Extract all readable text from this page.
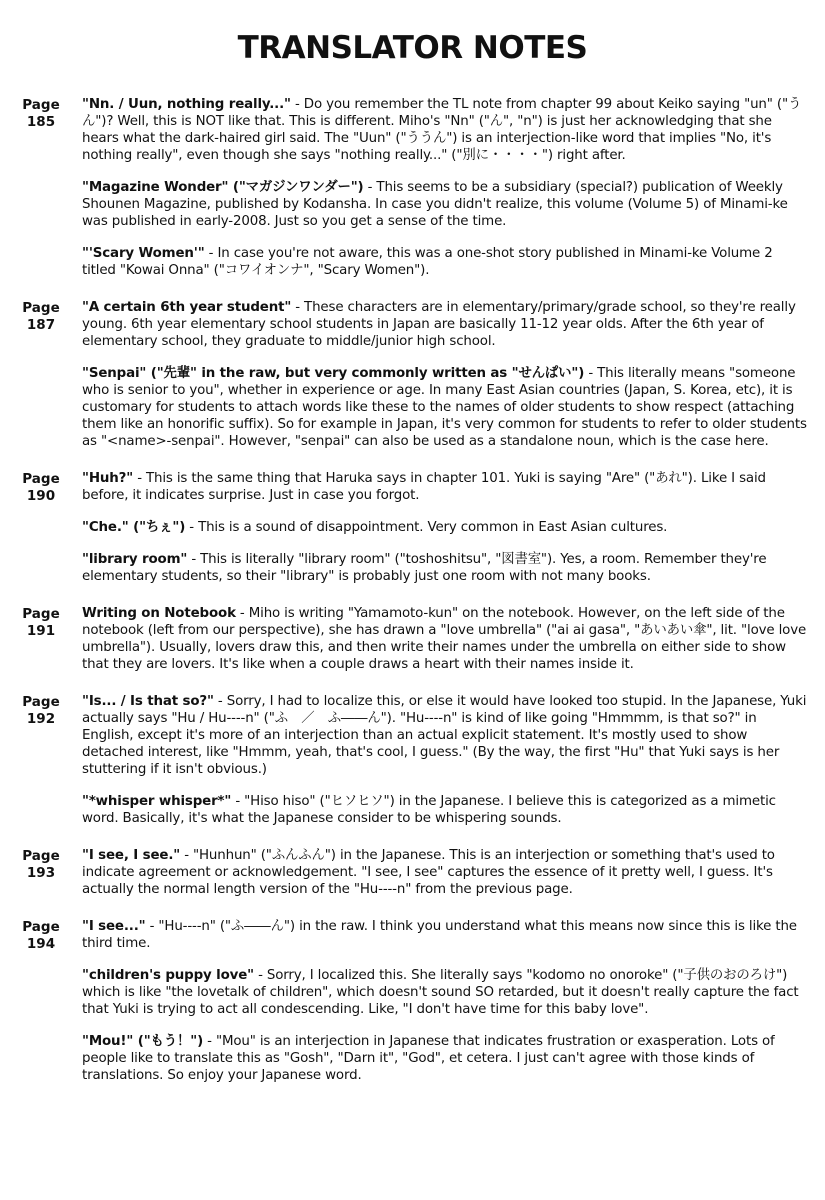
TRANSLATOR NOTES
Page
185

"Nn. / Uun, nothing really..." - Do you remember the TL note from chapter 99 about Keiko saying "un" ("うん")? Well, this is NOT like that. This is different. Miho's "Nn" ("ん", "n") is just her acknowledging that she hears what the dark-haired girl said. The "Uun" ("ううん") is an interjection-like word that implies "No, it's nothing really", even though she says "nothing really..." ("別に・・・・") right after.

"Magazine Wonder" ("マガジンワンダー") - This seems to be a subsidiary (special?) publication of Weekly Shounen Magazine, published by Kodansha. In case you didn't realize, this volume (Volume 5) of Minami-ke was published in early-2008. Just so you get a sense of the time.

"'Scary Women'" - In case you're not aware, this was a one-shot story published in Minami-ke Volume 2 titled "Kowai Onna" ("コワイオンナ", "Scary Women").

Page
187

"A certain 6th year student" - These characters are in elementary/primary/grade school, so they're really young. 6th year elementary school students in Japan are basically 11-12 year olds. After the 6th year of elementary school, they graduate to middle/junior high school.

"Senpai" ("先輩" in the raw, but very commonly written as "せんぱい") - This literally means "someone who is senior to you", whether in experience or age. In many East Asian countries (Japan, S. Korea, etc), it is customary for students to attach words like these to the names of older students to show respect (attaching them like an honorific suffix). So for example in Japan, it's very common for students to refer to older students as "<name>-senpai". However, "senpai" can also be used as a standalone noun, which is the case here.

Page
190

"Huh?" - This is the same thing that Haruka says in chapter 101. Yuki is saying "Are" ("あれ"). Like I said before, it indicates surprise. Just in case you forgot.

"Che." ("ちぇ") - This is a sound of disappointment. Very common in East Asian cultures.

"library room" - This is literally "library room" ("toshoshitsu", "図書室"). Yes, a room. Remember they're elementary students, so their "library" is probably just one room with not many books.

Page
191

Writing on Notebook - Miho is writing "Yamamoto-kun" on the notebook. However, on the left side of the notebook (left from our perspective), she has drawn a "love umbrella" ("ai ai gasa", "あいあい傘", lit. "love love umbrella"). Usually, lovers draw this, and then write their names under the umbrella on either side to show that they are lovers. It's like when a couple draws a heart with their names inside it.

Page
192

"Is... / Is that so?" - Sorry, I had to localize this, or else it would have looked too stupid. In the Japanese, Yuki actually says "Hu / Hu----n" ("ふ　／　ふ――ん"). "Hu----n" is kind of like going "Hmmmm, is that so?" in English, except it's more of an interjection than an actual explicit statement. It's mostly used to show detached interest, like "Hmmm, yeah, that's cool, I guess." (By the way, the first "Hu" that Yuki says is her stuttering if it isn't obvious.)

"*whisper whisper*" - "Hiso hiso" ("ヒソヒソ") in the Japanese. I believe this is categorized as a mimetic word. Basically, it's what the Japanese consider to be whispering sounds.

Page
193

"I see, I see." - "Hunhun" ("ふんふん") in the Japanese. This is an interjection or something that's used to indicate agreement or acknowledgement. "I see, I see" captures the essence of it pretty well, I guess. It's actually the normal length version of the "Hu----n" from the previous page.

Page
194

"I see..." - "Hu----n" ("ふ――ん") in the raw. I think you understand what this means now since this is like the third time.

"children's puppy love" - Sorry, I localized this. She literally says "kodomo no onoroke" ("子供のおのろけ") which is like "the lovetalk of children", which doesn't sound SO retarded, but it doesn't really capture the fact that Yuki is trying to act all condescending. Like, "I don't have time for this baby love".

"Mou!" ("もう！") - "Mou" is an interjection in Japanese that indicates frustration or exasperation. Lots of people like to translate this as "Gosh", "Darn it", "God", et cetera. I just can't agree with those kinds of translations. So enjoy your Japanese word.
